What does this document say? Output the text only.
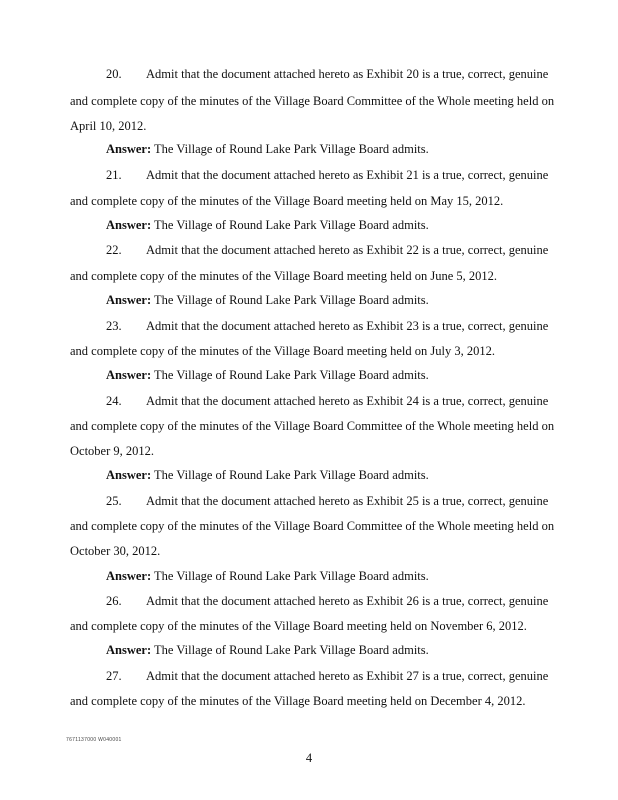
20. Admit that the document attached hereto as Exhibit 20 is a true, correct, genuine
and complete copy of the minutes of the Village Board Committee of the Whole meeting held on
April 10, 2012.
Answer: The Village of Round Lake Park Village Board admits.
21. Admit that the document attached hereto as Exhibit 21 is a true, correct, genuine
and complete copy of the minutes of the Village Board meeting held on May 15, 2012.
Answer: The Village of Round Lake Park Village Board admits.
22. Admit that the document attached hereto as Exhibit 22 is a true, correct, genuine
and complete copy of the minutes of the Village Board meeting held on June 5, 2012.
Answer: The Village of Round Lake Park Village Board admits.
23. Admit that the document attached hereto as Exhibit 23 is a true, correct, genuine
and complete copy of the minutes of the Village Board meeting held on July 3, 2012.
Answer: The Village of Round Lake Park Village Board admits.
24. Admit that the document attached hereto as Exhibit 24 is a true, correct, genuine
and complete copy of the minutes of the Village Board Committee of the Whole meeting held on
October 9, 2012.
Answer: The Village of Round Lake Park Village Board admits.
25. Admit that the document attached hereto as Exhibit 25 is a true, correct, genuine
and complete copy of the minutes of the Village Board Committee of the Whole meeting held on
October 30, 2012.
Answer: The Village of Round Lake Park Village Board admits.
26. Admit that the document attached hereto as Exhibit 26 is a true, correct, genuine
and complete copy of the minutes of the Village Board meeting held on November 6, 2012.
Answer: The Village of Round Lake Park Village Board admits.
27. Admit that the document attached hereto as Exhibit 27 is a true, correct, genuine
and complete copy of the minutes of the Village Board meeting held on December 4, 2012.
7671137000 W040001
4
